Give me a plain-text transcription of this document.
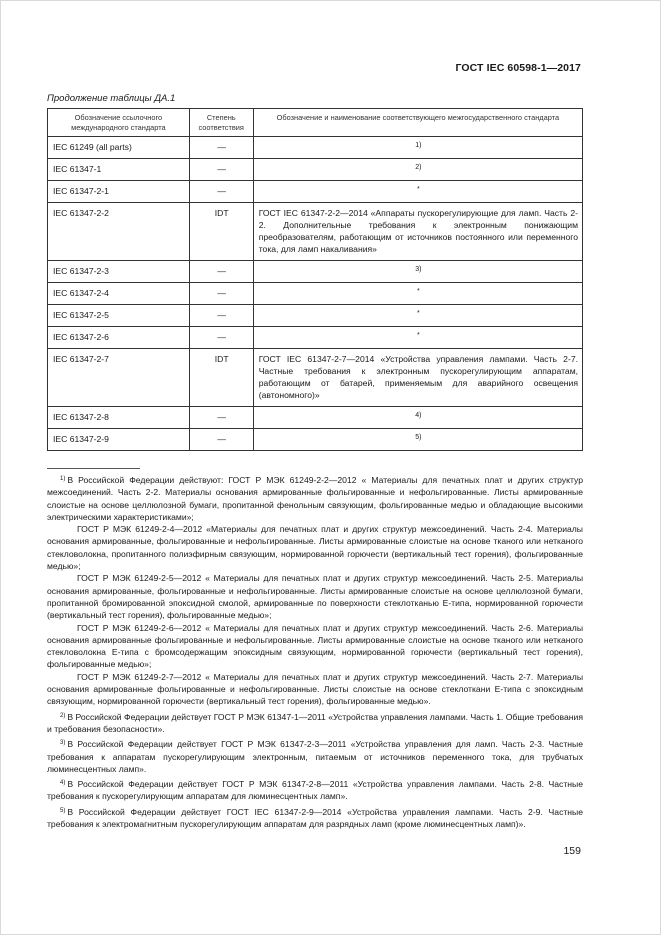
ГОСТ IEC 60598-1—2017
Продолжение таблицы ДА.1
Обозначение ссылочного международного стандарта	Степень соответствия	Обозначение и наименование соответствующего межгосударственного стандарта
IEC 61249 (all parts)	—	1)

IEC 61347-1	—	2)

IEC 61347-2-1	—	*

IEC 61347-2-2	IDT	ГОСТ IEC 61347-2-2—2014 «Аппараты пускорегулирующие для ламп. Часть 2-2. Дополнительные требования к электронным понижающим преобразователям, работающим от источников постоянного или переменного тока, для ламп накаливания»
IEC 61347-2-3	—	3)

IEC 61347-2-4	—	*

IEC 61347-2-5	—	*

IEC 61347-2-6	—	*

IEC 61347-2-7	IDT	ГОСТ IEC 61347-2-7—2014 «Устройства управления лампами. Часть 2-7. Частные требования к электронным пускорегулирующим аппаратам, работающим от батарей, применяемым для аварийного освещения (автономного)»
IEC 61347-2-8	—	4)

IEC 61347-2-9	—	5)

$^{1)}$ В Российской Федерации действуют: ГОСТ Р МЭК 61249-2-2—2012 « Материалы для печатных плат и других структур межсоединений. Часть 2-2. Материалы основания армированные фольгированные и нефольгированные. Листы армированные слоистые на основе целлюлозной бумаги, пропитанной фенольным связующим, фольгированные медью и обладающие высокими электрическими характеристиками»;

ГОСТ Р МЭК 61249-2-4—2012 «Материалы для печатных плат и других структур межсоединений. Часть 2-4. Материалы основания армированные, фольгированные и нефольгированные. Листы армированные слоистые на основе тканого или нетканого стекловолокна, пропитанного полиэфирным связующим, нормированной горючести (вертикальный тест горения), фольгированные медью»;

ГОСТ Р МЭК 61249-2-5—2012 « Материалы для печатных плат и других структур межсоединений. Часть 2-5. Материалы основания армированные, фольгированные и нефольгированные. Листы армированные слоистые на основе целлюлозной бумаги, пропитанной бромированной эпоксидной смолой, армированные по поверхности стеклотканью Е-типа, нормированной горючести (вертикальный тест горения), фольгированные медью»;

ГОСТ Р МЭК 61249-2-6—2012 « Материалы для печатных плат и других структур межсоединений. Часть 2-6. Материалы основания армированные фольгированные и нефольгированные. Листы армированные слоистые на основе тканого или нетканого стекловолокна Е-типа с бромсодержащим эпоксидным связующим, нормированной горючести (вертикальный тест горения), фольгированные медью»;

ГОСТ Р МЭК 61249-2-7—2012 « Материалы для печатных плат и других структур межсоединений. Часть 2-7. Материалы основания армированные фольгированные и нефольгированные. Листы слоистые на основе стеклоткани Е-типа с эпоксидным связующим, нормированной горючести (вертикальный тест горения), фольгированные медью».

$^{2)}$ В Российской Федерации действует ГОСТ Р МЭК 61347-1—2011 «Устройства управления лампами. Часть 1. Общие требования и требования безопасности».

$^{3)}$ В Российской Федерации действует ГОСТ Р МЭК 61347-2-3—2011 «Устройства управления для ламп. Часть 2-3. Частные требования к аппаратам пускорегулирующим электронным, питаемым от источников переменного тока, для трубчатых люминесцентных ламп».

$^{4)}$ В Российской Федерации действует ГОСТ Р МЭК 61347-2-8—2011 «Устройства управления лампами. Часть 2-8. Частные требования к пускорегулирующим аппаратам для люминесцентных ламп».

$^{5)}$ В Российской Федерации действует ГОСТ IEC 61347-2-9—2014 «Устройства управления лампами. Часть 2-9. Частные требования к электромагнитным пускорегулирующим аппаратам для разрядных ламп (кроме люминесцентных ламп)».

159
